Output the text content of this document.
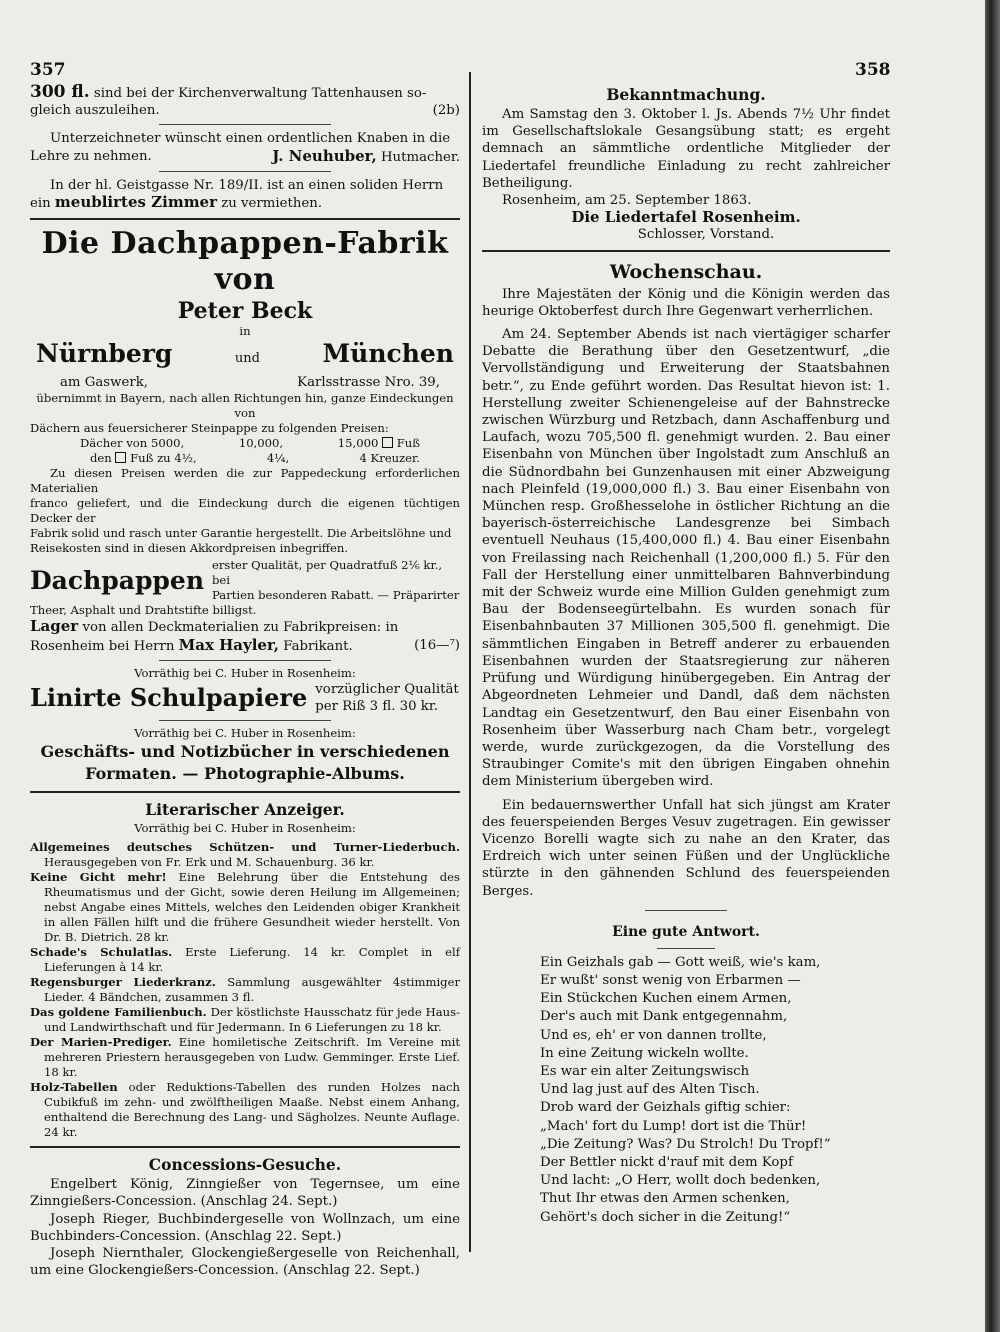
357	358

300 fl. sind bei der Kirchenverwaltung Tattenhausen so-

gleich auszuleihen.	(2b)

Unterzeichneter wünscht einen ordentlichen Knaben in die

Lehre zu nehmen.	J. Neuhuber, Hutmacher.

In der hl. Geistgasse Nr. 189/II. ist an einen soliden Herrn

ein meublirtes Zimmer zu vermiethen.

Die Dachpappen-Fabrik von
Peter Beck
in
Nürnberg	und München
am Gaswerk,	Karlsstrasse Nro. 39,

übernimmt in Bayern, nach allen Richtungen hin, ganze Eindeckungen von

Dächern aus feuersicherer Steinpappe zu folgenden Preisen:

Dächer von 5000,	10,000,	15,000 Fuß
den Fuß zu 4½,	4¼,	4 Kreuzer.

Zu diesen Preisen werden die zur Pappedeckung erforderlichen Materialien

franco geliefert, und die Eindeckung durch die eigenen tüchtigen Decker der

Fabrik solid und rasch unter Garantie hergestellt. Die Arbeitslöhne und

Reisekosten sind in diesen Akkordpreisen inbegriffen.

Dachpappen
erster Qualität, per Quadratfuß 2⅙ kr., bei
Partien besonderen Rabatt. — Präparirter

Theer, Asphalt und Drahtstifte billigst.

Lager von allen Deckmaterialien zu Fabrikpreisen: in

Rosenheim bei Herrn Max Hayler, Fabrikant.	(16—⁷)

Vorräthig bei C. Huber in Rosenheim:

Linirte Schulpapiere vorzüglicher Qualität
per Riß 3 fl. 30 kr.

Vorräthig bei C. Huber in Rosenheim:

Geschäfts- und Notizbücher in verschiedenen
Formaten. — Photographie-Albums.
Literarischer Anzeiger.

Vorräthig bei C. Huber in Rosenheim:

Allgemeines deutsches Schützen- und Turner-Liederbuch. Herausgegeben von Fr. Erk und M. Schauenburg. 36 kr.

Keine Gicht mehr! Eine Belehrung über die Entstehung des Rheumatismus und der Gicht, sowie deren Heilung im Allgemeinen; nebst Angabe eines Mittels, welches den Leidenden obiger Krankheit in allen Fällen hilft und die frühere Gesundheit wieder herstellt. Von Dr. B. Dietrich. 28 kr.

Schade's Schulatlas. Erste Lieferung. 14 kr. Complet in elf Lieferungen à 14 kr.

Regensburger Liederkranz. Sammlung ausgewählter 4stimmiger Lieder. 4 Bändchen, zusammen 3 fl.

Das goldene Familienbuch. Der köstlichste Hausschatz für jede Haus- und Landwirthschaft und für Jedermann. In 6 Lieferungen zu 18 kr.

Der Marien-Prediger. Eine homiletische Zeitschrift. Im Vereine mit mehreren Priestern herausgegeben von Ludw. Gemminger. Erste Lief. 18 kr.

Holz-Tabellen oder Reduktions-Tabellen des runden Holzes nach Cubikfuß im zehn- und zwölftheiligen Maaße. Nebst einem Anhang, enthaltend die Berechnung des Lang- und Sägholzes. Neunte Auflage. 24 kr.

Concessions-Gesuche.

Engelbert König, Zinngießer von Tegernsee, um eine Zinngießers-Concession. (Anschlag 24. Sept.)

Joseph Rieger, Buchbindergeselle von Wollnzach, um eine Buchbinders-Concession. (Anschlag 22. Sept.)

Joseph Niernthaler, Glockengießergeselle von Reichenhall, um eine Glockengießers-Concession. (Anschlag 22. Sept.)

Bekanntmachung.

Am Samstag den 3. Oktober l. Js. Abends 7½ Uhr findet im Gesellschaftslokale Gesangsübung statt; es ergeht demnach an sämmtliche ordentliche Mitglieder der Liedertafel freundliche Einladung zu recht zahlreicher Betheiligung.

Rosenheim, am 25. September 1863.

Die Liedertafel Rosenheim.

Schlosser, Vorstand.

Wochenschau.

Ihre Majestäten der König und die Königin werden das heurige Oktoberfest durch Ihre Gegenwart verherrlichen.

Am 24. September Abends ist nach viertägiger scharfer Debatte die Berathung über den Gesetzentwurf, „die Vervollständigung und Erweiterung der Staatsbahnen betr.“, zu Ende geführt worden. Das Resultat hievon ist: 1. Herstellung zweiter Schienengeleise auf der Bahnstrecke zwischen Würzburg und Retzbach, dann Aschaffenburg und Laufach, wozu 705,500 fl. genehmigt wurden. 2. Bau einer Eisenbahn von München über Ingolstadt zum Anschluß an die Südnordbahn bei Gunzenhausen mit einer Abzweigung nach Pleinfeld (19,000,000 fl.) 3. Bau einer Eisenbahn von München resp. Großhesselohe in östlicher Richtung an die bayerisch-österreichische Landesgrenze bei Simbach eventuell Neuhaus (15,400,000 fl.) 4. Bau einer Eisenbahn von Freilassing nach Reichenhall (1,200,000 fl.) 5. Für den Fall der Herstellung einer unmittelbaren Bahnverbindung mit der Schweiz wurde eine Million Gulden genehmigt zum Bau der Bodenseegürtelbahn. Es wurden sonach für Eisenbahnbauten 37 Millionen 305,500 fl. genehmigt. Die sämmtlichen Eingaben in Betreff anderer zu erbauenden Eisenbahnen wurden der Staatsregierung zur näheren Prüfung und Würdigung hinübergegeben. Ein Antrag der Abgeordneten Lehmeier und Dandl, daß dem nächsten Landtag ein Gesetzentwurf, den Bau einer Eisenbahn von Rosenheim über Wasserburg nach Cham betr., vorgelegt werde, wurde zurückgezogen, da die Vorstellung des Straubinger Comite's mit den übrigen Eingaben ohnehin dem Ministerium übergeben wird.

Ein bedauernswerther Unfall hat sich jüngst am Krater des feuerspeienden Berges Vesuv zugetragen. Ein gewisser Vicenzo Borelli wagte sich zu nahe an den Krater, das Erdreich wich unter seinen Füßen und der Unglückliche stürzte in den gähnenden Schlund des feuerspeienden Berges.

Eine gute Antwort.
Ein Geizhals gab — Gott weiß, wie's kam,
Er wußt' sonst wenig von Erbarmen —
Ein Stückchen Kuchen einem Armen,
Der's auch mit Dank entgegennahm,
Und es, eh' er von dannen trollte,
In eine Zeitung wickeln wollte.
Es war ein alter Zeitungswisch
Und lag just auf des Alten Tisch.
Drob ward der Geizhals giftig schier:
„Mach' fort du Lump! dort ist die Thür!
„Die Zeitung? Was? Du Strolch! Du Tropf!“
Der Bettler nickt d'rauf mit dem Kopf
Und lacht: „O Herr, wollt doch bedenken,
Thut Ihr etwas den Armen schenken,
Gehört's doch sicher in die Zeitung!“
